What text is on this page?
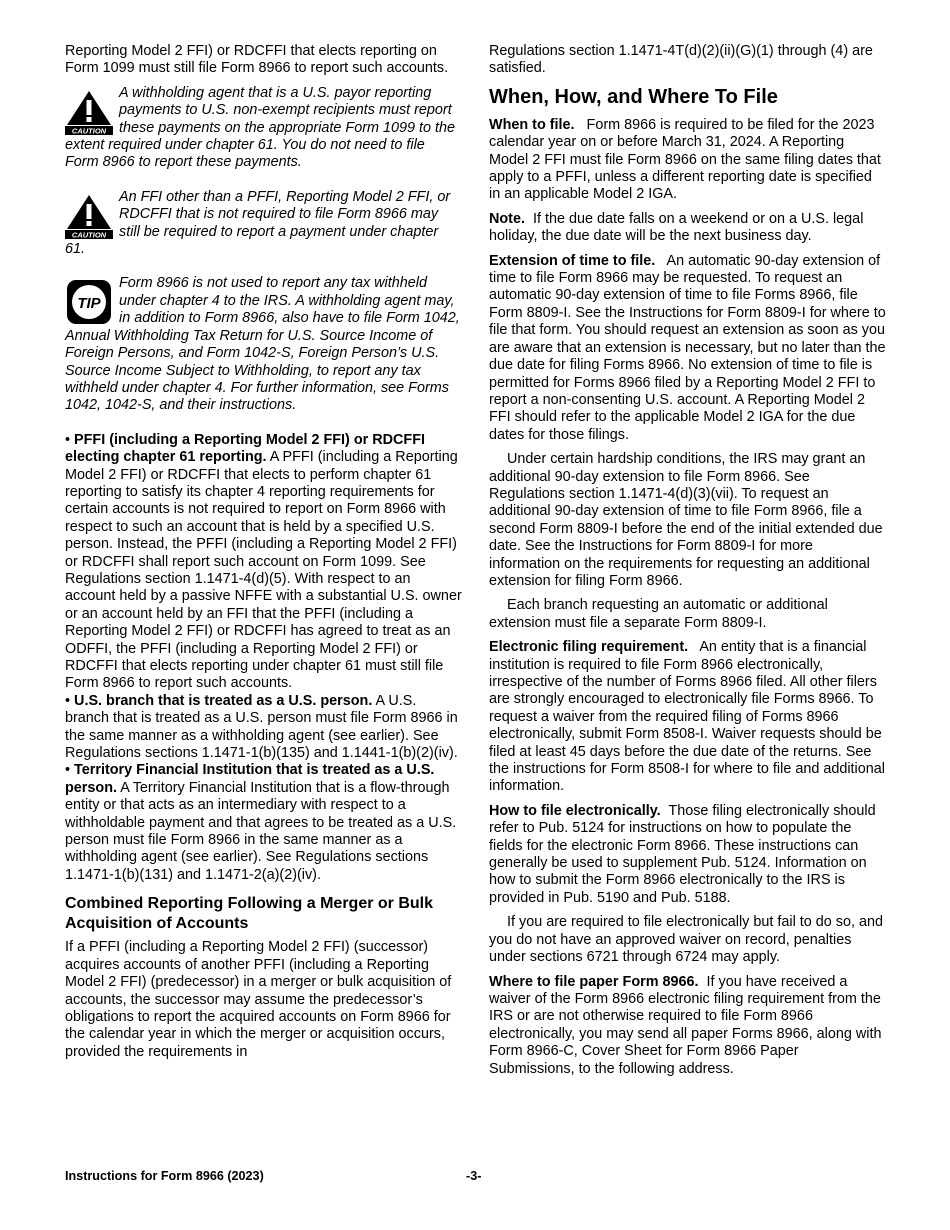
Reporting Model 2 FFI) or RDCFFI that elects reporting on Form 1099 must still file Form 8966 to report such accounts.

CAUTION
A withholding agent that is a U.S. payor reporting payments to U.S. non-exempt recipients must report these payments on the appropriate Form 1099 to the extent required under chapter 61. You do not need to file Form 8966 to report these payments.
CAUTION
An FFI other than a PFFI, Reporting Model 2 FFI, or RDCFFI that is not required to file Form 8966 may still be required to report a payment under chapter 61.
TIP
Form 8966 is not used to report any tax withheld under chapter 4 to the IRS. A withholding agent may, in addition to Form 8966, also have to file Form 1042, Annual Withholding Tax Return for U.S. Source Income of Foreign Persons, and Form 1042-S, Foreign Person’s U.S. Source Income Subject to Withholding, to report any tax withheld under chapter 4. For further information, see Forms 1042, 1042-S, and their instructions.

• PFFI (including a Reporting Model 2 FFI) or RDCFFI electing chapter 61 reporting. A PFFI (including a Reporting Model 2 FFI) or RDCFFI that elects to perform chapter 61 reporting to satisfy its chapter 4 reporting requirements for certain accounts is not required to report on Form 8966 with respect to such an account that is held by a specified U.S. person. Instead, the PFFI (including a Reporting Model 2 FFI) or RDCFFI shall report such account on Form 1099. See Regulations section 1.1471-4(d)(5). With respect to an account held by a passive NFFE with a substantial U.S. owner or an account held by an FFI that the PFFI (including a Reporting Model 2 FFI) or RDCFFI has agreed to treat as an ODFFI, the PFFI (including a Reporting Model 2 FFI) or RDCFFI that elects reporting under chapter 61 must still file Form 8966 to report such accounts.

• U.S. branch that is treated as a U.S. person. A U.S. branch that is treated as a U.S. person must file Form 8966 in the same manner as a withholding agent (see earlier). See Regulations sections 1.1471-1(b)(135) and 1.1441-1(b)(2)(iv).

• Territory Financial Institution that is treated as a U.S. person. A Territory Financial Institution that is a flow-through entity or that acts as an intermediary with respect to a withholdable payment and that agrees to be treated as a U.S. person must file Form 8966 in the same manner as a withholding agent (see earlier). See Regulations sections 1.1471-1(b)(131) and 1.1471-2(a)(2)(iv).

Combined Reporting Following a Merger or Bulk Acquisition of Accounts

If a PFFI (including a Reporting Model 2 FFI) (successor) acquires accounts of another PFFI (including a Reporting Model 2 FFI) (predecessor) in a merger or bulk acquisition of accounts, the successor may assume the predecessor’s obligations to report the acquired accounts on Form 8966 for the calendar year in which the merger or acquisition occurs, provided the requirements in

Regulations section 1.1471-4T(d)(2)(ii)(G)(1) through (4) are satisfied.

When, How, and Where To File

When to file. Form 8966 is required to be filed for the 2023 calendar year on or before March 31, 2024. A Reporting Model 2 FFI must file Form 8966 on the same filing dates that apply to a PFFI, unless a different reporting date is specified in an applicable Model 2 IGA.

Note. If the due date falls on a weekend or on a U.S. legal holiday, the due date will be the next business day.

Extension of time to file. An automatic 90-day extension of time to file Form 8966 may be requested. To request an automatic 90-day extension of time to file Forms 8966, file Form 8809-I. See the Instructions for Form 8809-I for where to file that form. You should request an extension as soon as you are aware that an extension is necessary, but no later than the due date for filing Forms 8966. No extension of time to file is permitted for Forms 8966 filed by a Reporting Model 2 FFI to report a non-consenting U.S. account. A Reporting Model 2 FFI should refer to the applicable Model 2 IGA for the due dates for those filings.

Under certain hardship conditions, the IRS may grant an additional 90-day extension to file Form 8966. See Regulations section 1.1471-4(d)(3)(vii). To request an additional 90-day extension of time to file Form 8966, file a second Form 8809-I before the end of the initial extended due date. See the Instructions for Form 8809-I for more information on the requirements for requesting an additional extension for filing Form 8966.

Each branch requesting an automatic or additional extension must file a separate Form 8809-I.

Electronic filing requirement. An entity that is a financial institution is required to file Form 8966 electronically, irrespective of the number of Forms 8966 filed. All other filers are strongly encouraged to electronically file Forms 8966. To request a waiver from the required filing of Forms 8966 electronically, submit Form 8508-I. Waiver requests should be filed at least 45 days before the due date of the returns. See the instructions for Form 8508-I for where to file and additional information.

How to file electronically. Those filing electronically should refer to Pub. 5124 for instructions on how to populate the fields for the electronic Form 8966. These instructions can generally be used to supplement Pub. 5124. Information on how to submit the Form 8966 electronically to the IRS is provided in Pub. 5190 and Pub. 5188.

If you are required to file electronically but fail to do so, and you do not have an approved waiver on record, penalties under sections 6721 through 6724 may apply.

Where to file paper Form 8966. If you have received a waiver of the Form 8966 electronic filing requirement from the IRS or are not otherwise required to file Form 8966 electronically, you may send all paper Forms 8966, along with Form 8966-C, Cover Sheet for Form 8966 Paper Submissions, to the following address.

Instructions for Form 8966 (2023)	-3-
